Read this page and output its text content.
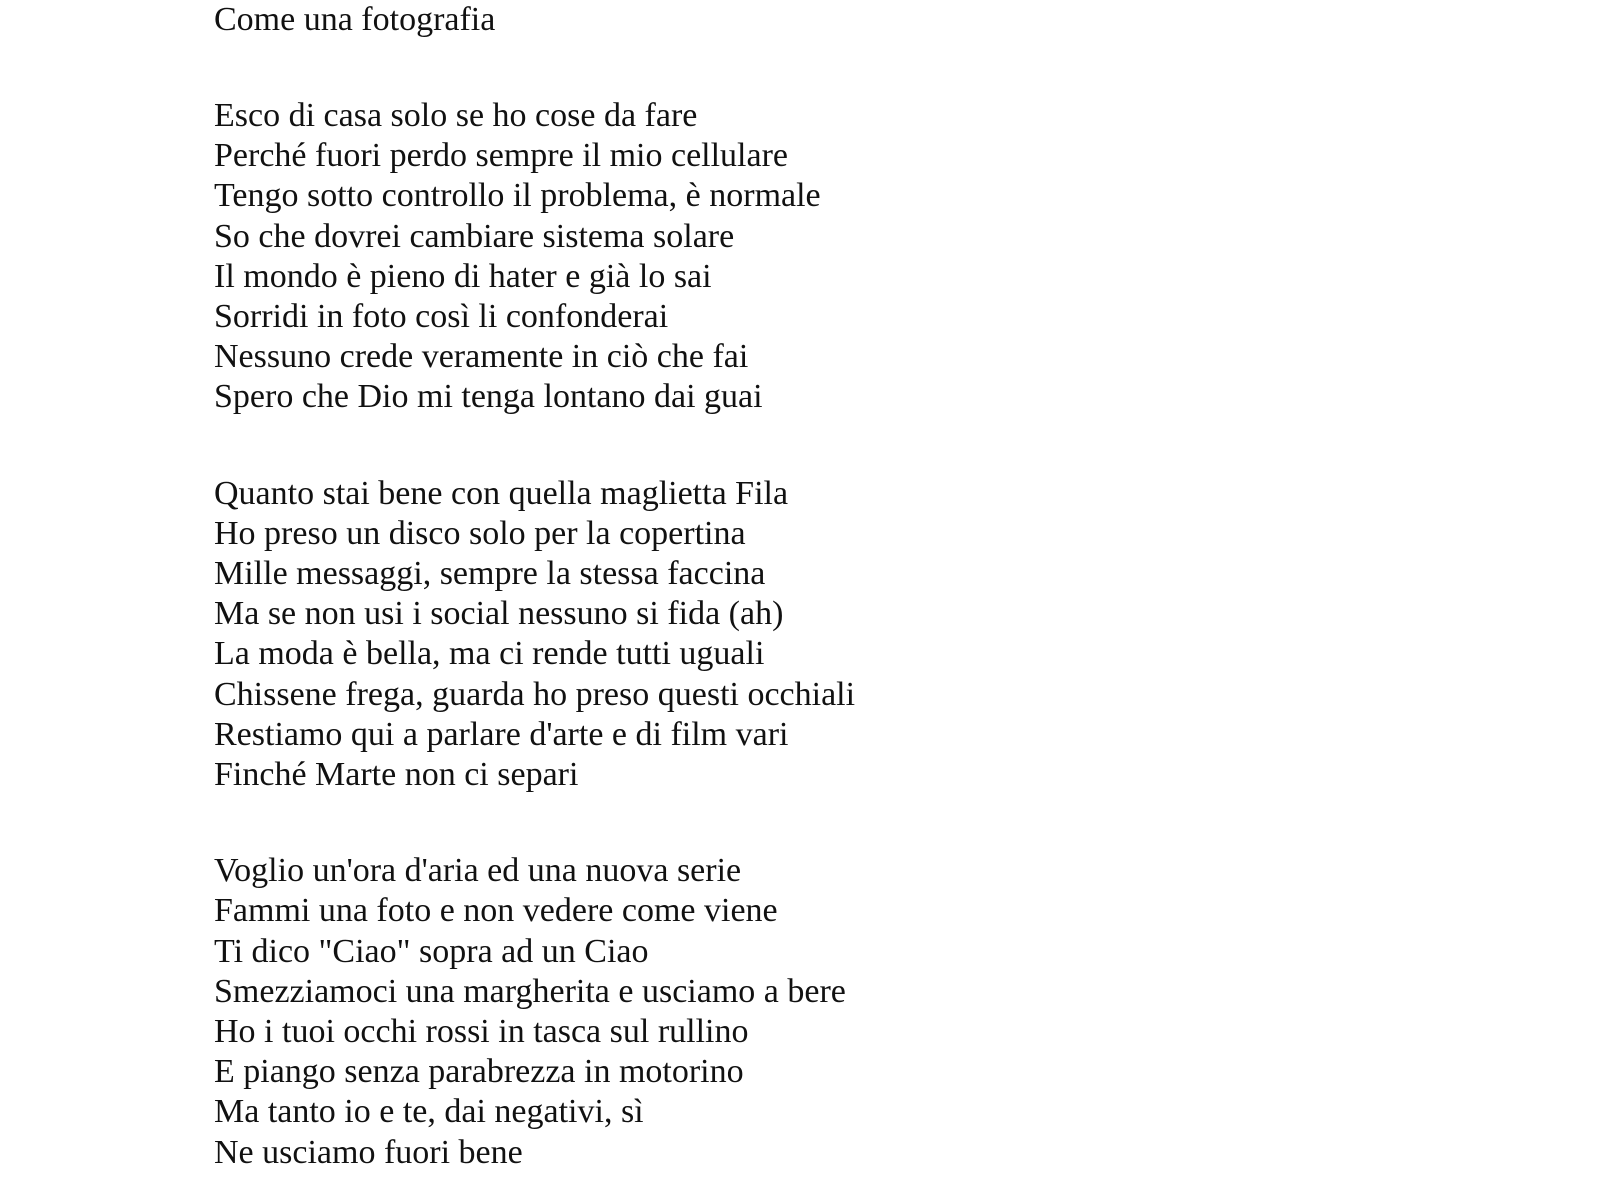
Come una fotografia
Esco di casa solo se ho cose da fare
Perché fuori perdo sempre il mio cellulare
Tengo sotto controllo il problema, è normale
So che dovrei cambiare sistema solare
Il mondo è pieno di hater e già lo sai
Sorridi in foto così li confonderai
Nessuno crede veramente in ciò che fai
Spero che Dio mi tenga lontano dai guai
Quanto stai bene con quella maglietta Fila
Ho preso un disco solo per la copertina
Mille messaggi, sempre la stessa faccina
Ma se non usi i social nessuno si fida (ah)
La moda è bella, ma ci rende tutti uguali
Chissene frega, guarda ho preso questi occhiali
Restiamo qui a parlare d'arte e di film vari
Finché Marte non ci separi
Voglio un'ora d'aria ed una nuova serie
Fammi una foto e non vedere come viene
Ti dico "Ciao" sopra ad un Ciao
Smezziamoci una margherita e usciamo a bere
Ho i tuoi occhi rossi in tasca sul rullino
E piango senza parabrezza in motorino
Ma tanto io e te, dai negativi, sì
Ne usciamo fuori bene
